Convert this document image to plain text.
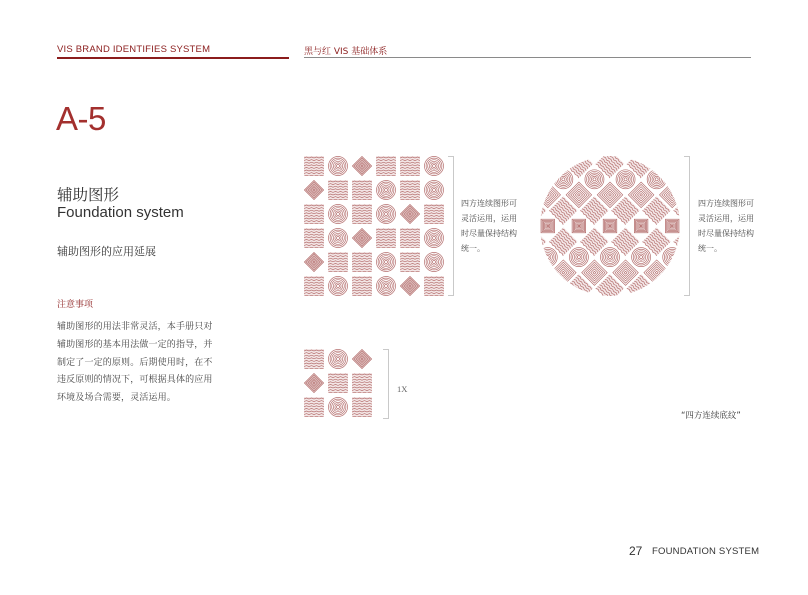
VIS BRAND IDENTIFIES SYSTEM	黑与红 VIS 基础体系
A-5
辅助图形
Foundation system
辅助图形的应用延展
注意事项
辅助图形的用法非常灵活，本手册只对辅助图形的基本用法做一定的指导，并制定了一定的原则。后期使用时，在不违反原则的情况下，可根据具体的应用环境及场合需要，灵活运用。
四方连续图形可灵活运用，运用时尽量保持结构统一。
四方连续图形可灵活运用，运用时尽量保持结构统一。
1X
“四方连续底纹”
27 FOUNDATION SYSTEM
